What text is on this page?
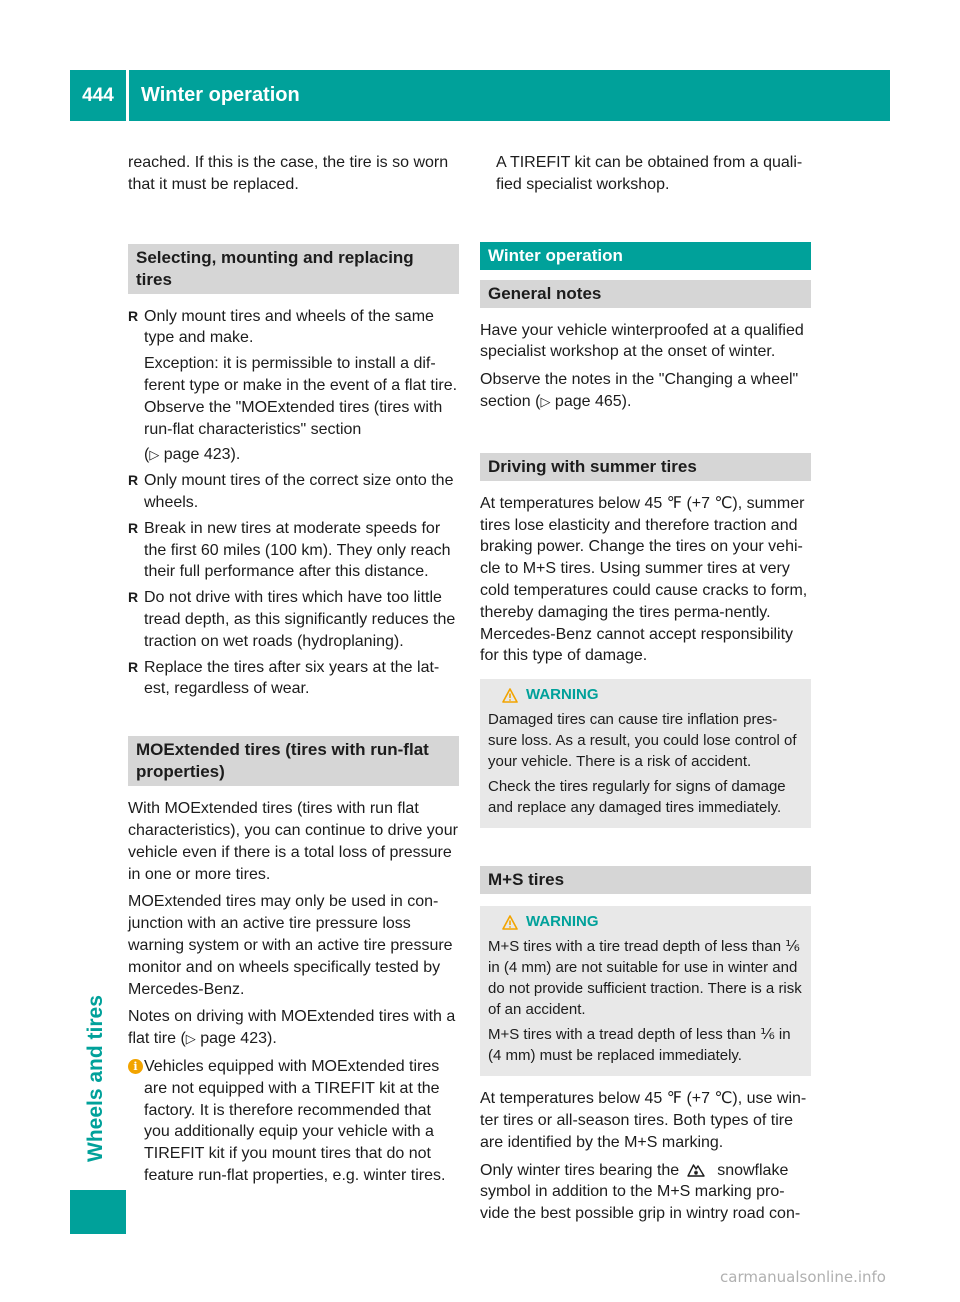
444	Winter operation
Wheels and tires

reached. If this is the case, the tire is so worn that it must be replaced.

Selecting, mounting and replacing tires
R Only mount tires and wheels of the same type and make.

Exception: it is permissible to install a dif-ferent type or make in the event of a flat tire. Observe the "MOExtended tires (tires with run-flat characteristics" section

(▷ page 423).

R Only mount tires of the correct size onto the wheels.

R Break in new tires at moderate speeds for the first 60 miles (100 km). They only reach their full performance after this distance.

R Do not drive with tires which have too little tread depth, as this significantly reduces the traction on wet roads (hydroplaning).

R Replace the tires after six years at the lat-est, regardless of wear.

MOExtended tires (tires with run-flat properties)

With MOExtended tires (tires with run flat characteristics), you can continue to drive your vehicle even if there is a total loss of pressure in one or more tires.

MOExtended tires may only be used in con-junction with an active tire pressure loss warning system or with an active tire pressure monitor and on wheels specifically tested by Mercedes-Benz.

Notes on driving with MOExtended tires with a flat tire (▷ page 423).

i Vehicles equipped with MOExtended tires are not equipped with a TIREFIT kit at the factory. It is therefore recommended that you additionally equip your vehicle with a TIREFIT kit if you mount tires that do not feature run-flat properties, e.g. winter tires.

A TIREFIT kit can be obtained from a quali-fied specialist workshop.

Winter operation
General notes

Have your vehicle winterproofed at a qualified specialist workshop at the onset of winter.

Observe the notes in the "Changing a wheel" section (▷ page 465).

Driving with summer tires

At temperatures below 45 ℉ (+7 ℃), summer tires lose elasticity and therefore traction and braking power. Change the tires on your vehi-cle to M+S tires. Using summer tires at very cold temperatures could cause cracks to form, thereby damaging the tires perma-nently. Mercedes-Benz cannot accept responsibility for this type of damage.

WARNING

Damaged tires can cause tire inflation pres-sure loss. As a result, you could lose control of your vehicle. There is a risk of accident.

Check the tires regularly for signs of damage and replace any damaged tires immediately.

M+S tires
WARNING

M+S tires with a tire tread depth of less than ⅙ in (4 mm) are not suitable for use in winter and do not provide sufficient traction. There is a risk of an accident.

M+S tires with a tread depth of less than ⅙ in (4 mm) must be replaced immediately.

At temperatures below 45 ℉ (+7 ℃), use win-ter tires or all-season tires. Both types of tire are identified by the M+S marking.

Only winter tires bearing the snowflake symbol in addition to the M+S marking pro-vide the best possible grip in wintry road con-

carmanualsonline.info
